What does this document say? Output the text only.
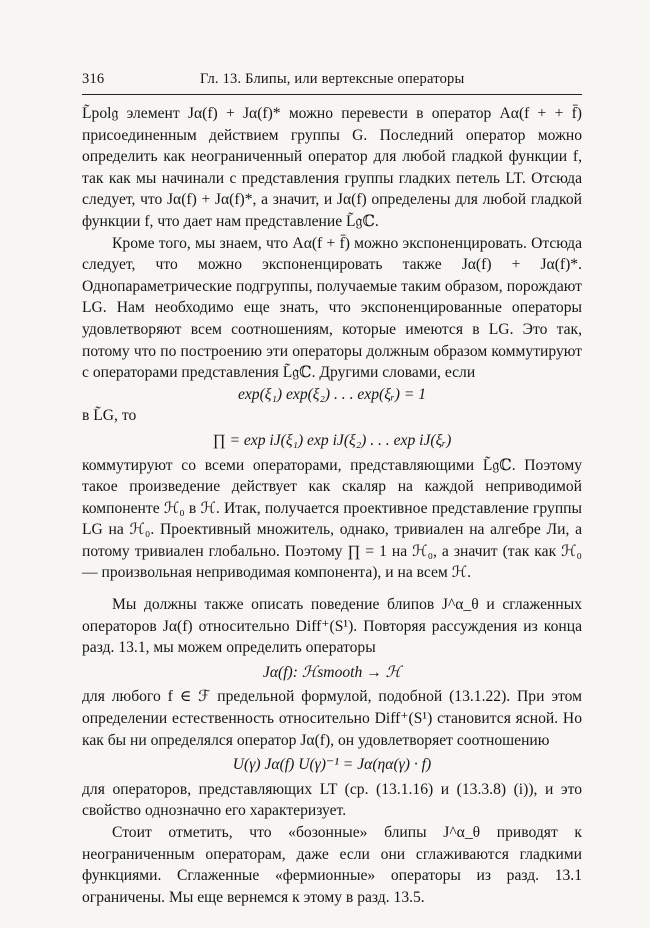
316	Гл. 13. Блипы, или вертексные операторы

L̃pol𝔤 элемент Jα(f) + Jα(f)* можно перевести в оператор Aα(f + + f̄) присоединенным действием группы G. Последний оператор можно определить как неограниченный оператор для любой гладкой функции f, так как мы начинали с представления группы гладких петель LT. Отсюда следует, что Jα(f) + Jα(f)*, а значит, и Jα(f) определены для любой гладкой функции f, что дает нам представление L̃𝔤ℂ.

Кроме того, мы знаем, что Aα(f + f̄) можно экспоненцировать. Отсюда следует, что можно экспоненцировать также Jα(f) + Jα(f)*. Однопараметрические подгруппы, получаемые таким образом, порождают LG. Нам необходимо еще знать, что экспоненцированные операторы удовлетворяют всем соотношениям, которые имеются в LG. Это так, потому что по построению эти операторы должным образом коммутируют с операторами представления L̃𝔤ℂ. Другими словами, если

exp(ξ₁) exp(ξ₂) . . . exp(ξᵣ) = 1

в L̃G, то

∏ = exp iJ(ξ₁) exp iJ(ξ₂) . . . exp iJ(ξᵣ)

коммутируют со всеми операторами, представляющими L̃𝔤ℂ. Поэтому такое произведение действует как скаляр на каждой неприводимой компоненте ℋ₀ в ℋ. Итак, получается проективное представление группы LG на ℋ₀. Проективный множитель, однако, тривиален на алгебре Ли, а потому тривиален глобально. Поэтому ∏ = 1 на ℋ₀, а значит (так как ℋ₀ — произвольная неприводимая компонента), и на всем ℋ.

Мы должны также описать поведение блипов J^α_θ и сглаженных операторов Jα(f) относительно Diff⁺(S¹). Повторяя рассуждения из конца разд. 13.1, мы можем определить операторы

Jα(f): ℋsmooth → ℋ

для любого f ∈ ℱ предельной формулой, подобной (13.1.22). При этом определении естественность относительно Diff⁺(S¹) становится ясной. Но как бы ни определялся оператор Jα(f), он удовлетворяет соотношению

U(γ) Jα(f) U(γ)⁻¹ = Jα(ηα(γ) · f)

для операторов, представляющих LT (ср. (13.1.16) и (13.3.8) (i)), и это свойство однозначно его характеризует.

Стоит отметить, что «бозонные» блипы J^α_θ приводят к неограниченным операторам, даже если они сглаживаются гладкими функциями. Сглаженные «фермионные» операторы из разд. 13.1 ограничены. Мы еще вернемся к этому в разд. 13.5.
